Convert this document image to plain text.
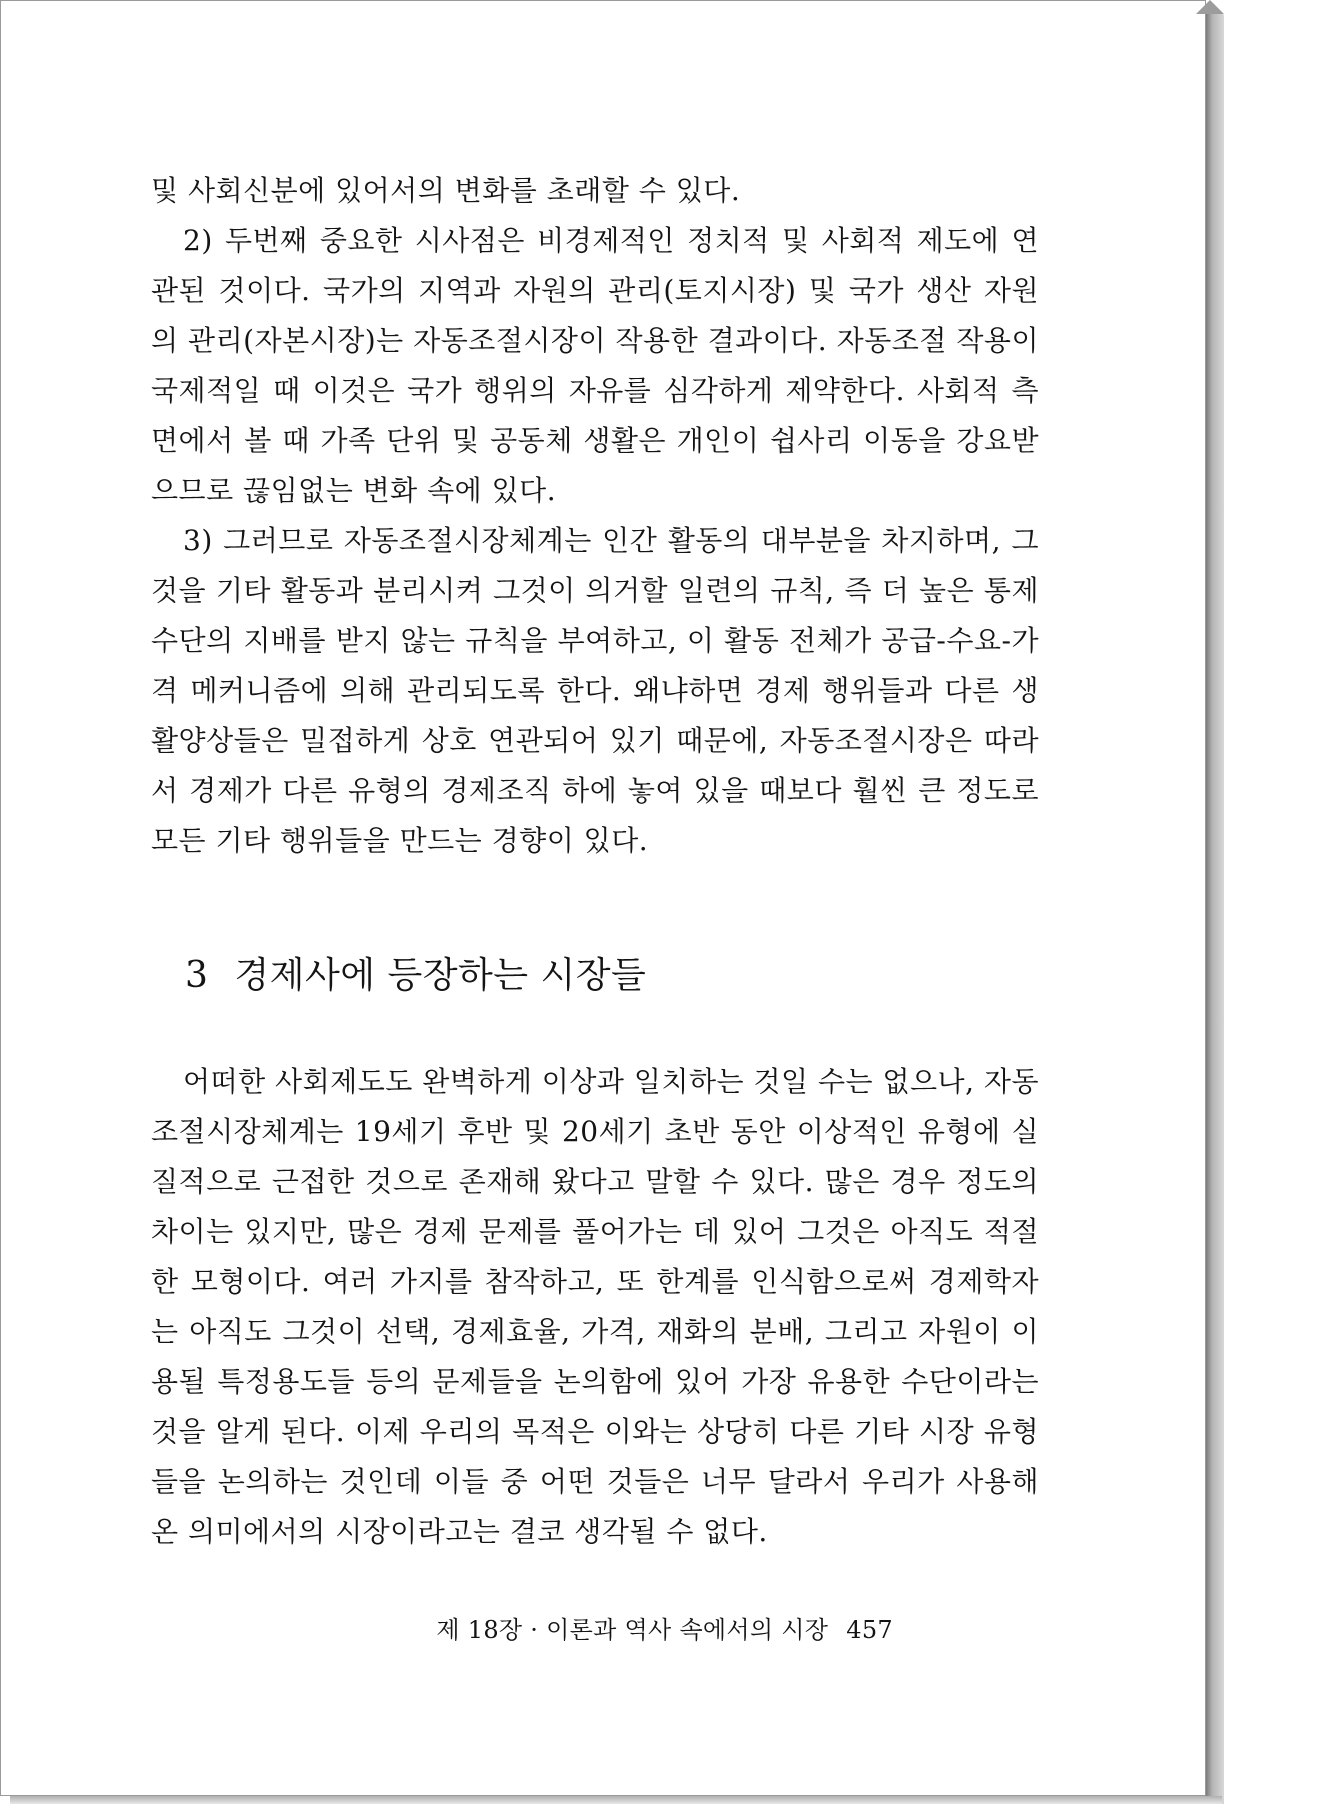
및 사회신분에 있어서의 변화를 초래할 수 있다.

2) 두번째 중요한 시사점은 비경제적인 정치적 및 사회적 제도에 연관된 것이다. 국가의 지역과 자원의 관리(토지시장) 및 국가 생산 자원의 관리(자본시장)는 자동조절시장이 작용한 결과이다. 자동조절 작용이 국제적일 때 이것은 국가 행위의 자유를 심각하게 제약한다. 사회적 측면에서 볼 때 가족 단위 및 공동체 생활은 개인이 쉽사리 이동을 강요받으므로 끊임없는 변화 속에 있다.

3) 그러므로 자동조절시장체계는 인간 활동의 대부분을 차지하며, 그것을 기타 활동과 분리시켜 그것이 의거할 일련의 규칙, 즉 더 높은 통제수단의 지배를 받지 않는 규칙을 부여하고, 이 활동 전체가 공급-수요-가격 메커니즘에 의해 관리되도록 한다. 왜냐하면 경제 행위들과 다른 생활양상들은 밀접하게 상호 연관되어 있기 때문에, 자동조절시장은 따라서 경제가 다른 유형의 경제조직 하에 놓여 있을 때보다 훨씬 큰 정도로 모든 기타 행위들을 만드는 경향이 있다.

3 경제사에 등장하는 시장들

어떠한 사회제도도 완벽하게 이상과 일치하는 것일 수는 없으나, 자동조절시장체계는 19세기 후반 및 20세기 초반 동안 이상적인 유형에 실질적으로 근접한 것으로 존재해 왔다고 말할 수 있다. 많은 경우 정도의 차이는 있지만, 많은 경제 문제를 풀어가는 데 있어 그것은 아직도 적절한 모형이다. 여러 가지를 참작하고, 또 한계를 인식함으로써 경제학자는 아직도 그것이 선택, 경제효율, 가격, 재화의 분배, 그리고 자원이 이용될 특정용도들 등의 문제들을 논의함에 있어 가장 유용한 수단이라는 것을 알게 된다. 이제 우리의 목적은 이와는 상당히 다른 기타 시장 유형들을 논의하는 것인데 이들 중 어떤 것들은 너무 달라서 우리가 사용해 온 의미에서의 시장이라고는 결코 생각될 수 없다.

제 18장 · 이론과 역사 속에서의 시장 457
